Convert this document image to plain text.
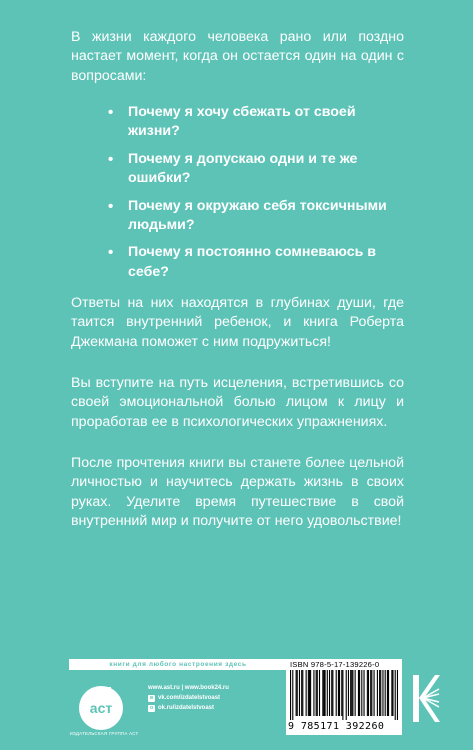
В жизни каждого человека рано или поздно настает момент, когда он остается один на один с вопросами:

• Почему я хочу сбежать от своей жизни?
• Почему я допускаю одни и те же ошибки?
• Почему я окружаю себя токсичными людьми?
• Почему я постоянно сомневаюсь в себе?

Ответы на них находятся в глубинах души, где таится внутренний ребенок, и книга Роберта Джекмана поможет с ним подружиться!

Вы вступите на путь исцеления, встретившись со своей эмоциональной болью лицом к лицу и проработав ее в психологических упражнениях.

После прочтения книги вы станете более цельной личностью и научитесь держать жизнь в своих руках. Уделите время путешествие в свой внутренний мир и получите от него удовольствие!

книги для любого настроения здесь
аст
ИЗДАТЕЛЬСКАЯ ГРУППА АСТ
www.ast.ru | www.book24.ru
в vk.com/izdatelstvoast
о ok.ru/izdatelstvoast
ISBN 978-5-17-139226-0
9 785171 392260
